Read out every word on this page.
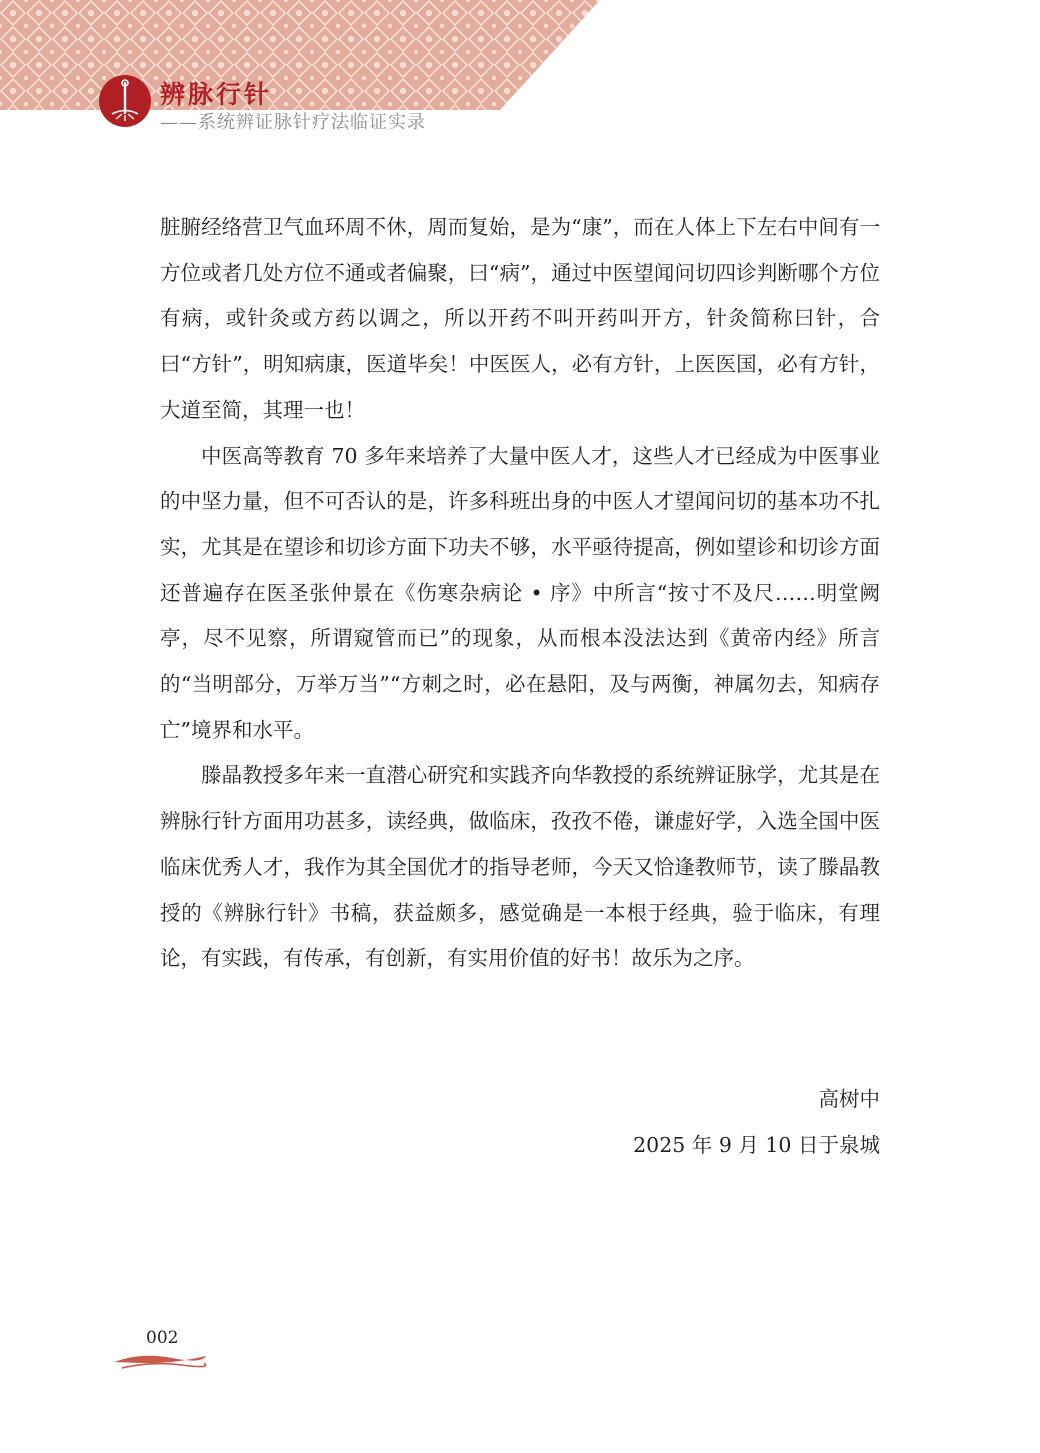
辨脉行针
——系统辨证脉针疗法临证实录

脏腑经络营卫气血环周不休，周而复始，是为“康”，而在人体上下左右中间有一方位或者几处方位不通或者偏聚，曰“病”，通过中医望闻问切四诊判断哪个方位有病，或针灸或方药以调之，所以开药不叫开药叫开方，针灸简称曰针，合曰“方针”，明知病康，医道毕矣！中医医人，必有方针，上医医国，必有方针，大道至简，其理一也！

中医高等教育 70 多年来培养了大量中医人才，这些人才已经成为中医事业的中坚力量，但不可否认的是，许多科班出身的中医人才望闻问切的基本功不扎实，尤其是在望诊和切诊方面下功夫不够，水平亟待提高，例如望诊和切诊方面还普遍存在医圣张仲景在《伤寒杂病论 • 序》中所言“按寸不及尺……明堂阙亭，尽不见察，所谓窥管而已”的现象，从而根本没法达到《黄帝内经》所言的“当明部分，万举万当”“方刺之时，必在悬阳，及与两衡，神属勿去，知病存亡”境界和水平。

滕晶教授多年来一直潜心研究和实践齐向华教授的系统辨证脉学，尤其是在辨脉行针方面用功甚多，读经典，做临床，孜孜不倦，谦虚好学，入选全国中医临床优秀人才，我作为其全国优才的指导老师，今天又恰逢教师节，读了滕晶教授的《辨脉行针》书稿，获益颇多，感觉确是一本根于经典，验于临床，有理论，有实践，有传承，有创新，有实用价值的好书！故乐为之序。

高树中
2025 年 9 月 10 日于泉城
002
